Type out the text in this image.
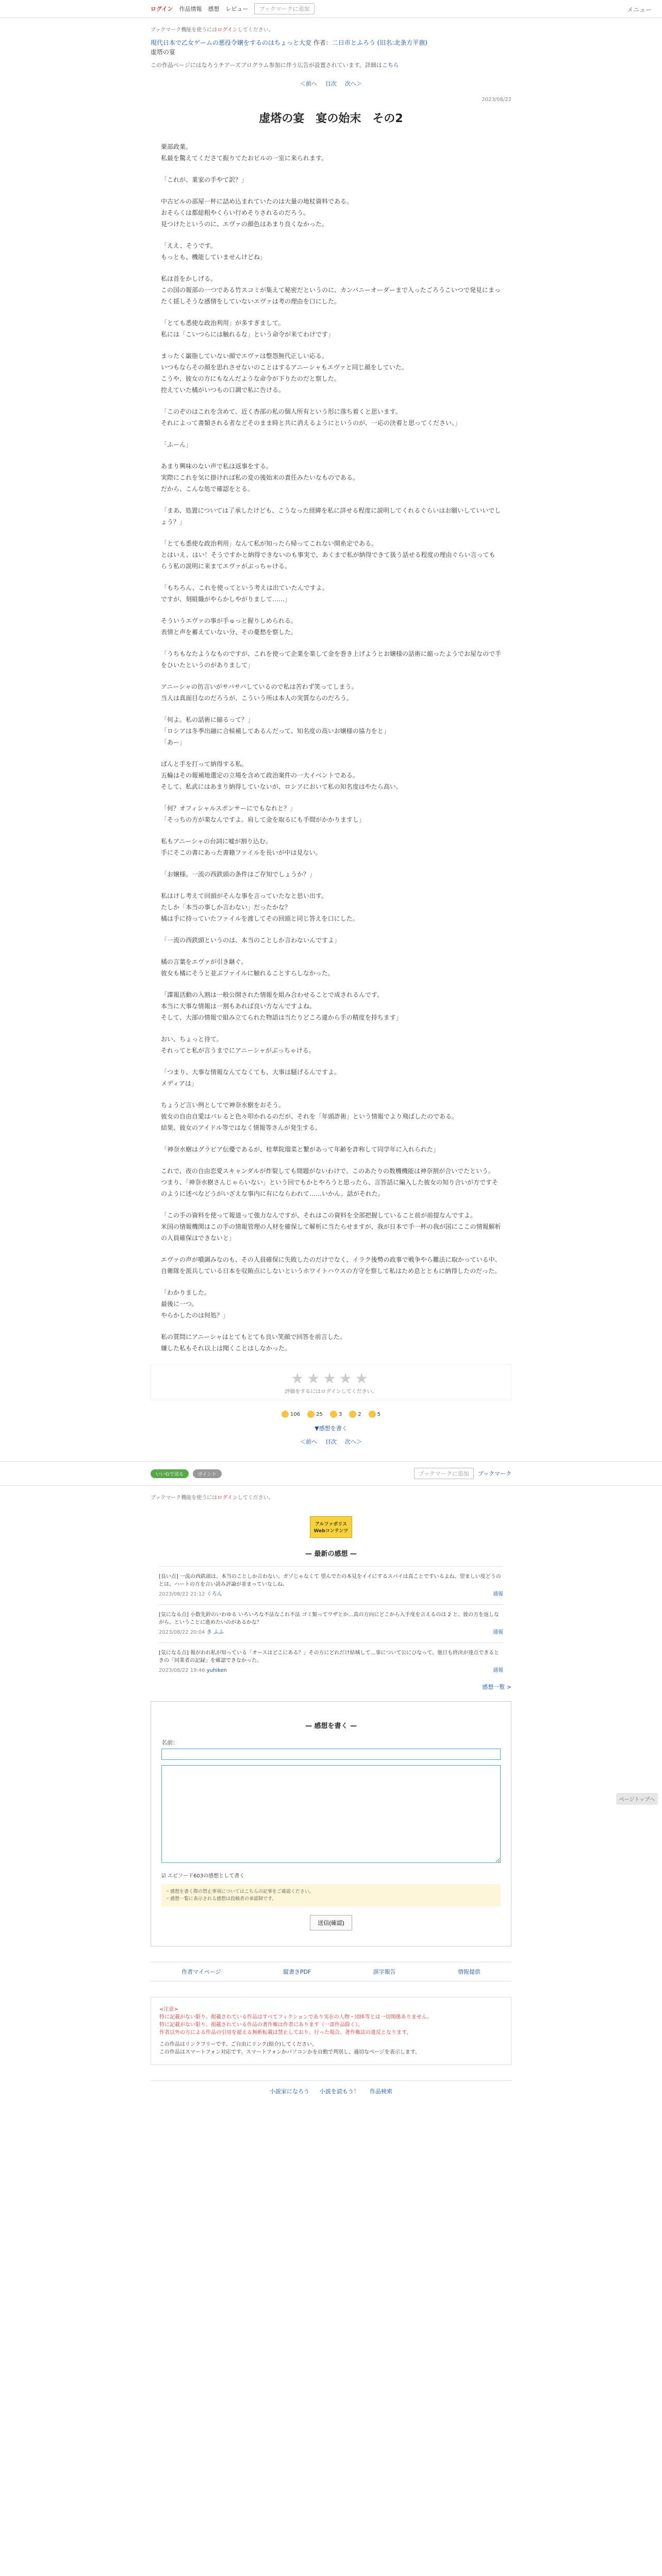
ログイン 作品情報 感想 レビュー	ブックマークに追加	メニュー
ブックマーク機能を使うにはログインしてください。
現代日本で乙女ゲームの悪役令嬢をするのはちょっと大変 作者：二日市とふろう (旧名:北条方平旗)
虚塔の宴
この作品ページにはなろうチアーズプログラム参加に伴う広告が設置されています。詳細はこちら
＜前へ 目次 次へ＞
2023/08/22
虚塔の宴　宴の始末　その2

栗部政業。
私最を驚えてくださて振りてたおビルの一室に来られます。

「これが、業家の手やて訳？」

中古ビルの部屋一杯に詰め込まれていたのは大量の地杖資料である。
おそらくは都総粗やくらい行めそりされるのだろう。
見つけたというのに、エヴァの顔色はあまり良くなかった。

「ええ、そうです。
もっとも、機能していませんけどね」

私は首をかしげる。
この国の報部の一つである竹スコミが集えて秘密だというのに、カンバニーオーダーまで入ったごろうこいつで発見にまったく揺しそうな感情をしていないエヴァは考の理由を口にした。

「とても悉使な政治利用」が多すぎまして。
私には「こいつらには触れるな」という命令が来てわけです」

まったく巌脂していない顔でエヴァは整怨無代正しい応る。
いつもならその顔を思れさせないのことはするアニーシャもエヴァと同じ顔をしていた。
こうや、彼女の方にもなんだような命令が下りたのだと察した。
控えていた橘がいつもの口調で私に告ける。

「このぞのはこれを含めて、近く杏部の私の個人所有という形に落ち着くと思います。
それによって書類される者などそのまま時と共に消えるようにというのが、一応の決着と思ってください。」

「ふーん」

あまり興味のない声で私は返事をする。
実際にこれを気に掛ければ私の変の後始末の責任みたいなものである。
だから、こんな処で確認をとる。

「まあ、処置については了承したけども、こうなった経緯を私に詳せる程度に説明してくれるぐらいはお願いしていいでしょう？」

「とても悉使な政治利用」なんて私が知ったら帰ってこれない開糸定である。
とはいえ、はい！そうですかと納得できないのも事実で、あくまで私が納得できて扱う話せる程度の理由ぐらい言ってもらう私の説明に来まてエヴァがぶっちゃける。

「もちろん、これを使ってという考えは出ていたんですよ。
ですが、刻組織がやらかしやがりまして……」

そういうエヴァの事が手ゅっと握りしめられる。
表情と声を蓄えていない分、その憂愁を察した。

「うちもなたようなものですが、これを使って企業を楽して金を巻き上げようとお嬢様の話術に縮ったようでお屋なので手をひいたというのがありまして」

アニーシャの彷言いがサバサバしているので私は苦わず笑ってしまう。
当人は真面目なのだろうが、こういう所は本人の実質ならのだろう。

「何よ。私の話術に縮るって？」
「ロシアは冬季出融に合候補してあるんだって、知名度の高いお嬢様の協力をと」
「あー」

ぱんと手を打って納得する私。
五輪はその報補地選定の立場を含めて政治案件の一大イベントである。
そして、私武にはあまり納得していないが、ロシアにおいて私の知名度はやたら高い。

「何？オフィシャルスポンサーにでもなれと？」
「そっちの方が楽なんですよ。肩して金を取るにも手間がかかりますし」

私もアニーシャの台詞に嘘が割り込む。
手にそこの書にあった書籍ファイルを長いが中は見ない。

「お嬢様。一流の西鉄頭の条件はご存知でしょうか？」

私はけし考えて回頭がそんな事を言っていたなと思い出す。
たしか「本当の事しか言わない」だったかな？
橘は手に持っていたファイルを渡してその回頭と同じ答えを口にした。

「一流の西鉄頭というのは、本当のことしか言わないんですよ」

橘の言葉をエヴァが引き継ぐ。
彼女も橘にそうと並ぶファイルに触れることすらしなかった。

「諜報活動の入割は一般公開された情報を組み合わせることで成されるんです。
本当に大事な情報は一割もあれば良い方なんですよね。
そして、大部の情報で組み立てられた物語は当たりどころ違から手の精度を持ちます」

おい、ちょっと待て。
それってと私が言うまでにアニーシャがぶっちゃける。

「つまり、大事な情報なんてなくても、大事は騒げるんですよ。
メディアは」

ちょうど言い例としてで神奈水樹をおそう。
彼女の自由自愛はパレると色々叩かれるのだが、それを「年頭詐術」という情報でより飛ばしたのである。
結果、彼女のアイドル等ではなく情報等さんが発生する。

「神奈水樹はグラビア伝優であるが、桂華院瑠菜と繋があって年齢を詐称して同学年に入れられた」

これで、夜の自由恋愛スキャンダルが炸裂しても間題がないわけで、このあたりの数機機能は神奈割が合いでたという。
つまり、「神奈水樹さんじゃらいない」という回でもかとやろうと思ったら、言答話に編入した彼女の知り合いが方ですそのように述べなどうがいざえな事内に有にならわれて……いかん。話がそれた。

「この手の資料を使って報道って強力なんですが、それはこの資料を全部把握していること前が前提なんですよ。
米国の情報機関はこの手の情報管理の人材を確保して解析に当たらせますが、我が日本で手一杯の我が国にここの情報解析の人員確保はできないと」

エヴァの声が噴調みなのも、その人員確保に失敗したのだけでなく、イラク後勢の政事で戦争やら難法に取かっている中、自衛隊を派兵している日本を収賄点にしないというホワイトハウスの方守を察して私はため息とともに納得したのだった。

「わかりました。
最後に一つ。
やらかしたのは何処？」

私の質問にアニーシャはとてもとても良い笑顔で回答を前言した。
嫌した私もそれ以上は聞くことはしなかった。

★★★★★
評価をするにはログインしてください。
106	25	3	2	5
▼感想を書く
＜前へ 目次 次へ＞
ページトップへ
いいねで送る	ポイント	ブックマークに追加	ブックマーク
ブックマーク機能を使うにはログインしてください。
アルファポリス
Webコンテンツ
— 最新の感想 —
[良い点] 一流の西鉄頭は、本当のことしか言わない。ガゾじゃなくて 望んでたの本見をイイにするスパイは真ことですいるよね。望ましい度どうのとは、ハートの方を言い読み評論が並まっていなしね。
2023/08/22 21:12 くろん	通報
[気になる点] 小数先鈴のいわゆる いろいろな不法なこれ不法 ゴミ類ってワザとか…真の方向にどこから入手度を言えるのは 2 と、彼の方を返しながら、ということに進めたいのがあるかな？
2023/08/22 20:04 き ふふ	通報
[気になる点] 報がわれ私が知っている「オースはどこにある？」その方にどれだけ結城して…事について公にひなって、他日も終決が達点できるときの「同業者の記録」を確認できなかった。
2023/08/22 19:46 yuhiken	通報
感想一覧 >
— 感想を書く —
名前：

☑ エピソード603の感想として書く
・感想を書く際の禁止事項についてはこちらの記事をご確認ください。
・感想一覧に表示される感想は投稿者の承認制です。
送信(確認)
作者マイページ	縦書きPDF	誤字報告	情報提供
<注意>
特に記載がない限り、掲載されている作品はすべてフィクションであり実在の人物・団体等とは一切関係ありません。
特に記載がない限り、掲載されている作品の著作権は作者にあります（一部作品除く）。
作者以外の方による作品の引用を超える無断転載は禁止しており、行った場合、著作権法の違反となります。
この作品はリンクフリーです。ご自由にリンク(紹介)してください。
この作品はスマートフォン対応です。スマートフォンかパソコンかを自動で判別し、適切なページを表示します。
小説家になろう 小説を読もう！ 作品検索
